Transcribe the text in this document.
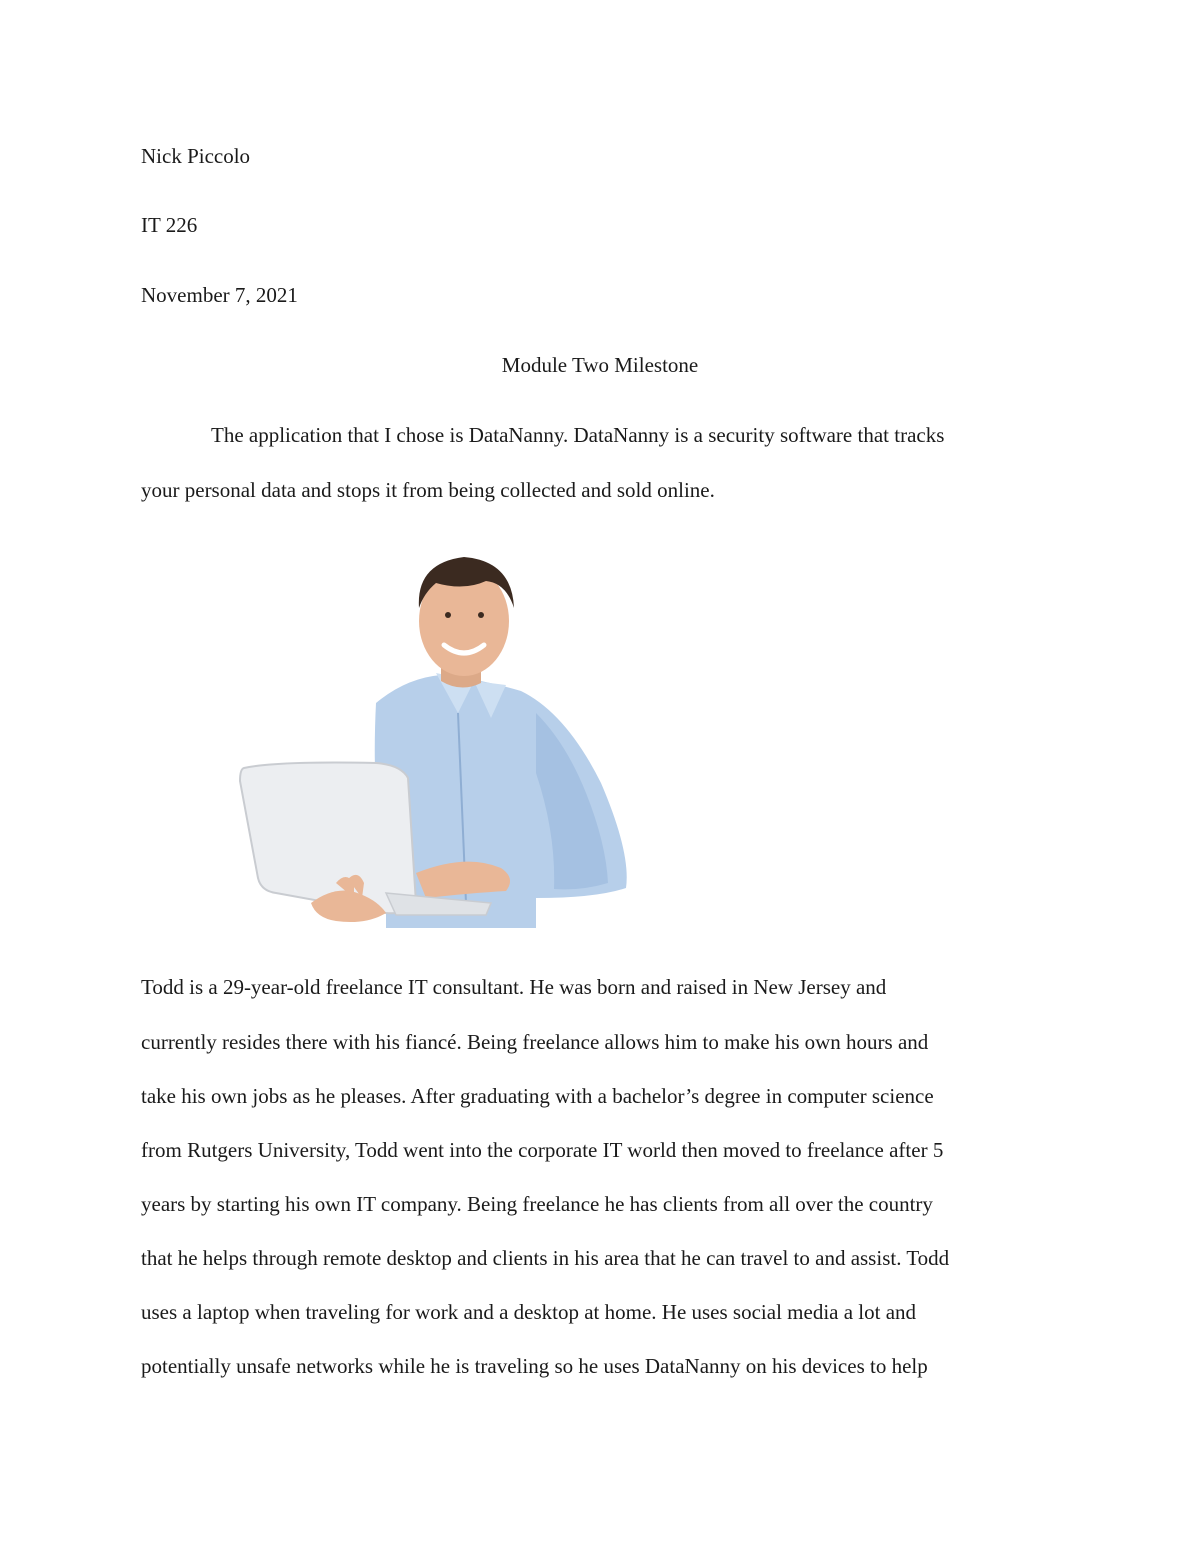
Nick Piccolo
IT 226
November 7, 2021
Module Two Milestone
The application that I chose is DataNanny. DataNanny is a security software that tracks
your personal data and stops it from being collected and sold online.
Todd is a 29-year-old freelance IT consultant. He was born and raised in New Jersey and
currently resides there with his fiancé. Being freelance allows him to make his own hours and
take his own jobs as he pleases. After graduating with a bachelor’s degree in computer science
from Rutgers University, Todd went into the corporate IT world then moved to freelance after 5
years by starting his own IT company. Being freelance he has clients from all over the country
that he helps through remote desktop and clients in his area that he can travel to and assist. Todd
uses a laptop when traveling for work and a desktop at home. He uses social media a lot and
potentially unsafe networks while he is traveling so he uses DataNanny on his devices to help
